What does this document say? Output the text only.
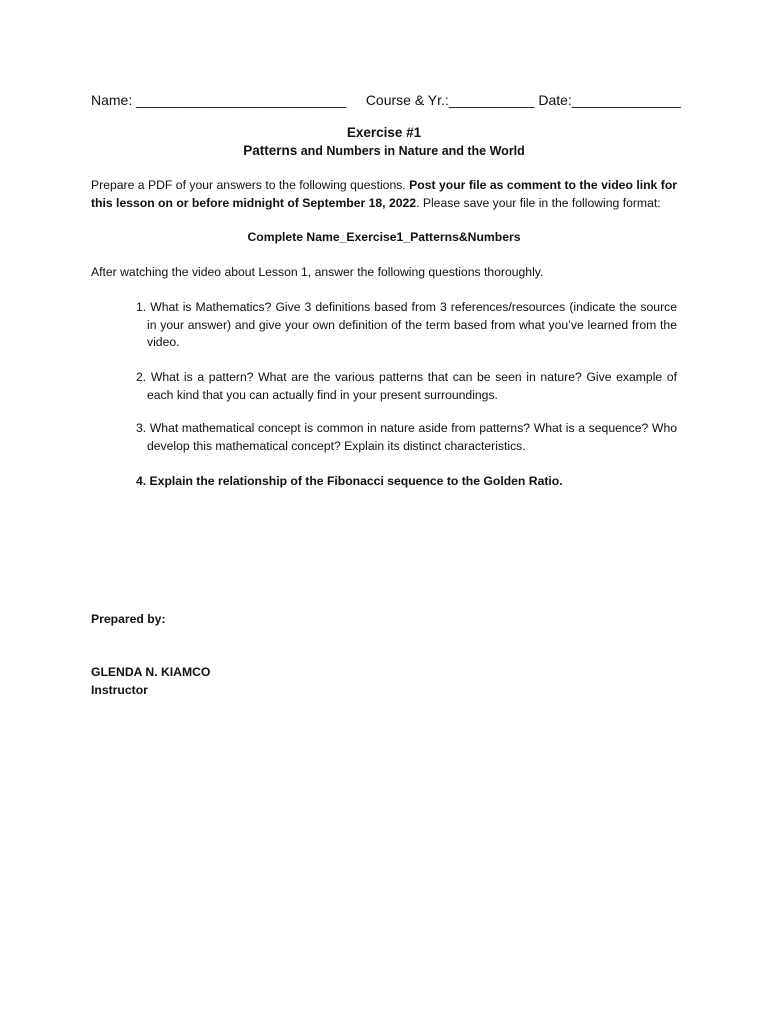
Name: ___________________________ Course & Yr.:___________ Date:______________
Exercise #1
Patterns and Numbers in Nature and the World
Prepare a PDF of your answers to the following questions. Post your file as comment to the video link for this lesson on or before midnight of September 18, 2022. Please save your file in the following format:
Complete Name_Exercise1_Patterns&Numbers
After watching the video about Lesson 1, answer the following questions thoroughly.
1. What is Mathematics? Give 3 definitions based from 3 references/resources (indicate the source in your answer) and give your own definition of the term based from what you’ve learned from the video.
2. What is a pattern? What are the various patterns that can be seen in nature? Give example of each kind that you can actually find in your present surroundings.
3. What mathematical concept is common in nature aside from patterns? What is a sequence? Who develop this mathematical concept? Explain its distinct characteristics.
4. Explain the relationship of the Fibonacci sequence to the Golden Ratio.
Prepared by:
GLENDA N. KIAMCO
Instructor
